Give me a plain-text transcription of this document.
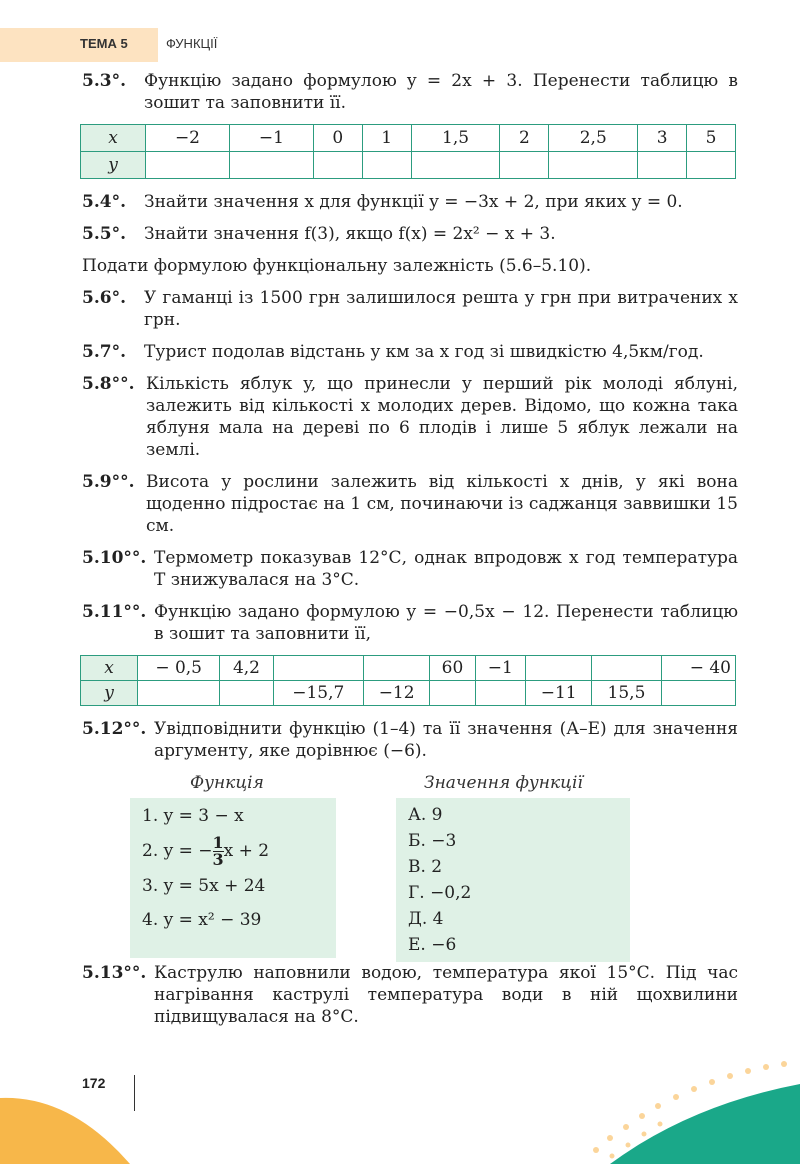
ТЕМА 5	ФУНКЦІЇ
5.3°. Функцію задано формулою y = 2x + 3. Перенести таблицю в зошит та заповнити її.
x	−2	−1	0	1	1,5	2	2,5	3	5
y									
5.4°. Знайти значення x для функції y = −3x + 2, при яких y = 0.
5.5°. Знайти значення f(3), якщо f(x) = 2x² − x + 3.
Подати формулою функціональну залежність (5.6–5.10).
5.6°. У гаманці із 1500 грн залишилося решта y грн при витрачених x грн.
5.7°. Турист подолав відстань y км за x год зі швидкістю 4,5км/год.
5.8°°. Кількість яблук y, що принесли у перший рік молоді яблуні, залежить від кількості x молодих дерев. Відомо, що кожна така яблуня мала на дереві по 6 плодів і лише 5 яблук лежали на землі.
5.9°°. Висота у рослини залежить від кількості x днів, у які вона щоденно підростає на 1 см, починаючи із саджанця заввишки 15 см.
5.10°°. Термометр показував 12°С, однак впродовж x год температура T знижувалася на 3°С.
5.11°°. Функцію задано формулою y = −0,5x − 12. Перенести таблицю в зошит та заповнити її,
x	− 0,5	4,2			60	−1			− 40
y			−15,7	−12			−11	15,5	
5.12°°. Увідповіднити функцію (1–4) та її значення (А–Е) для значення аргументу, яке дорівнює (−6).
Функція	Значення функції
1. y = 3 − x
2. y = − $\frac{1}{3}$ x + 2
3. y = 5x + 24
4. y = x² − 39
А. 9
Б. −3
В. 2
Г. −0,2
Д. 4
Е. −6
5.13°°. Каструлю наповнили водою, температура якої 15°С. Під час нагрівання каструлі температура води в ній щохвилини підвищувалася на 8°С.
172
